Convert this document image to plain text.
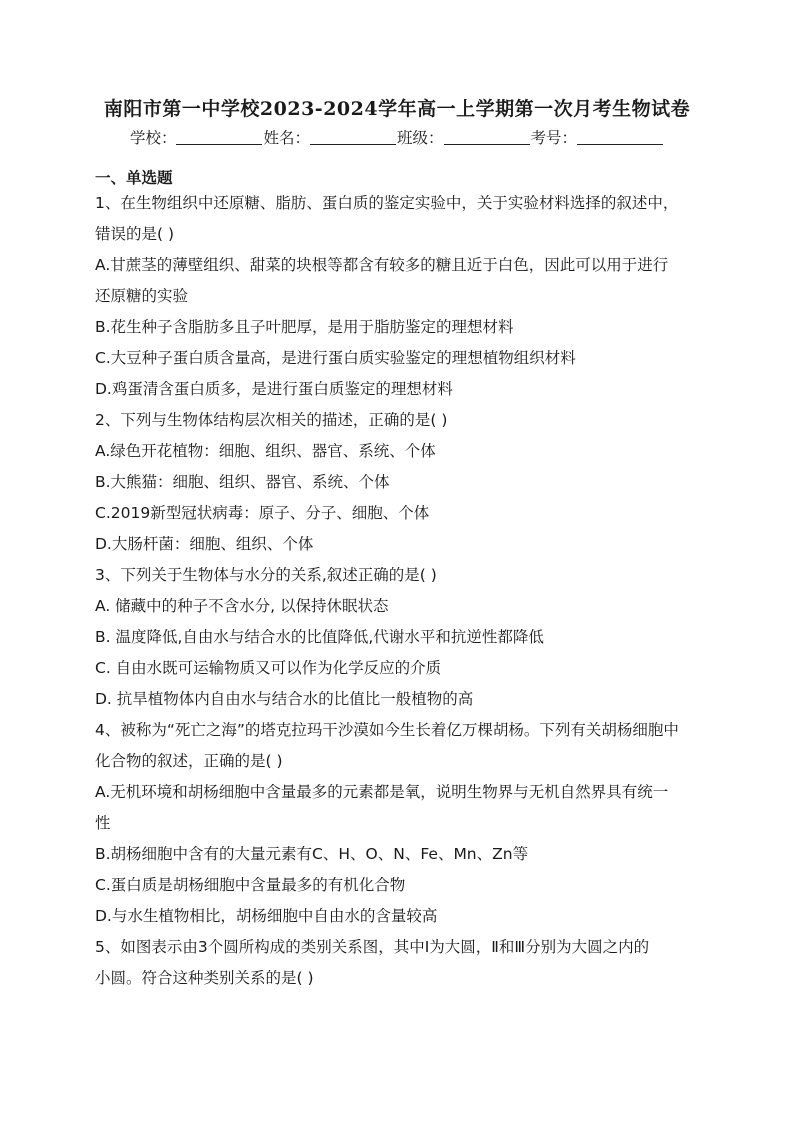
南阳市第一中学校2023-2024学年高一上学期第一次月考生物试卷
学校：	姓名：	班级：	考号：
一、单选题
1、在生物组织中还原糖、脂肪、蛋白质的鉴定实验中，关于实验材料选择的叙述中，
错误的是( )
A.甘蔗茎的薄壁组织、甜菜的块根等都含有较多的糖且近于白色，因此可以用于进行
还原糖的实验
B.花生种子含脂肪多且子叶肥厚，是用于脂肪鉴定的理想材料
C.大豆种子蛋白质含量高，是进行蛋白质实验鉴定的理想植物组织材料
D.鸡蛋清含蛋白质多，是进行蛋白质鉴定的理想材料
2、下列与生物体结构层次相关的描述，正确的是( )
A.绿色开花植物：细胞、组织、器官、系统、个体
B.大熊猫：细胞、组织、器官、系统、个体
C.2019新型冠状病毒：原子、分子、细胞、个体
D.大肠杆菌：细胞、组织、个体
3、下列关于生物体与水分的关系,叙述正确的是( )
A. 储藏中的种子不含水分, 以保持休眠状态
B. 温度降低,自由水与结合水的比值降低,代谢水平和抗逆性都降低
C. 自由水既可运输物质又可以作为化学反应的介质
D. 抗旱植物体内自由水与结合水的比值比一般植物的高
4、被称为“死亡之海”的塔克拉玛干沙漠如今生长着亿万棵胡杨。下列有关胡杨细胞中
化合物的叙述，正确的是( )
A.无机环境和胡杨细胞中含量最多的元素都是氧，说明生物界与无机自然界具有统一
性
B.胡杨细胞中含有的大量元素有C、H、O、N、Fe、Mn、Zn等
C.蛋白质是胡杨细胞中含量最多的有机化合物
D.与水生植物相比，胡杨细胞中自由水的含量较高
5、如图表示由3个圆所构成的类别关系图，其中Ⅰ为大圆，Ⅱ和Ⅲ分别为大圆之内的
小圆。符合这种类别关系的是( )
